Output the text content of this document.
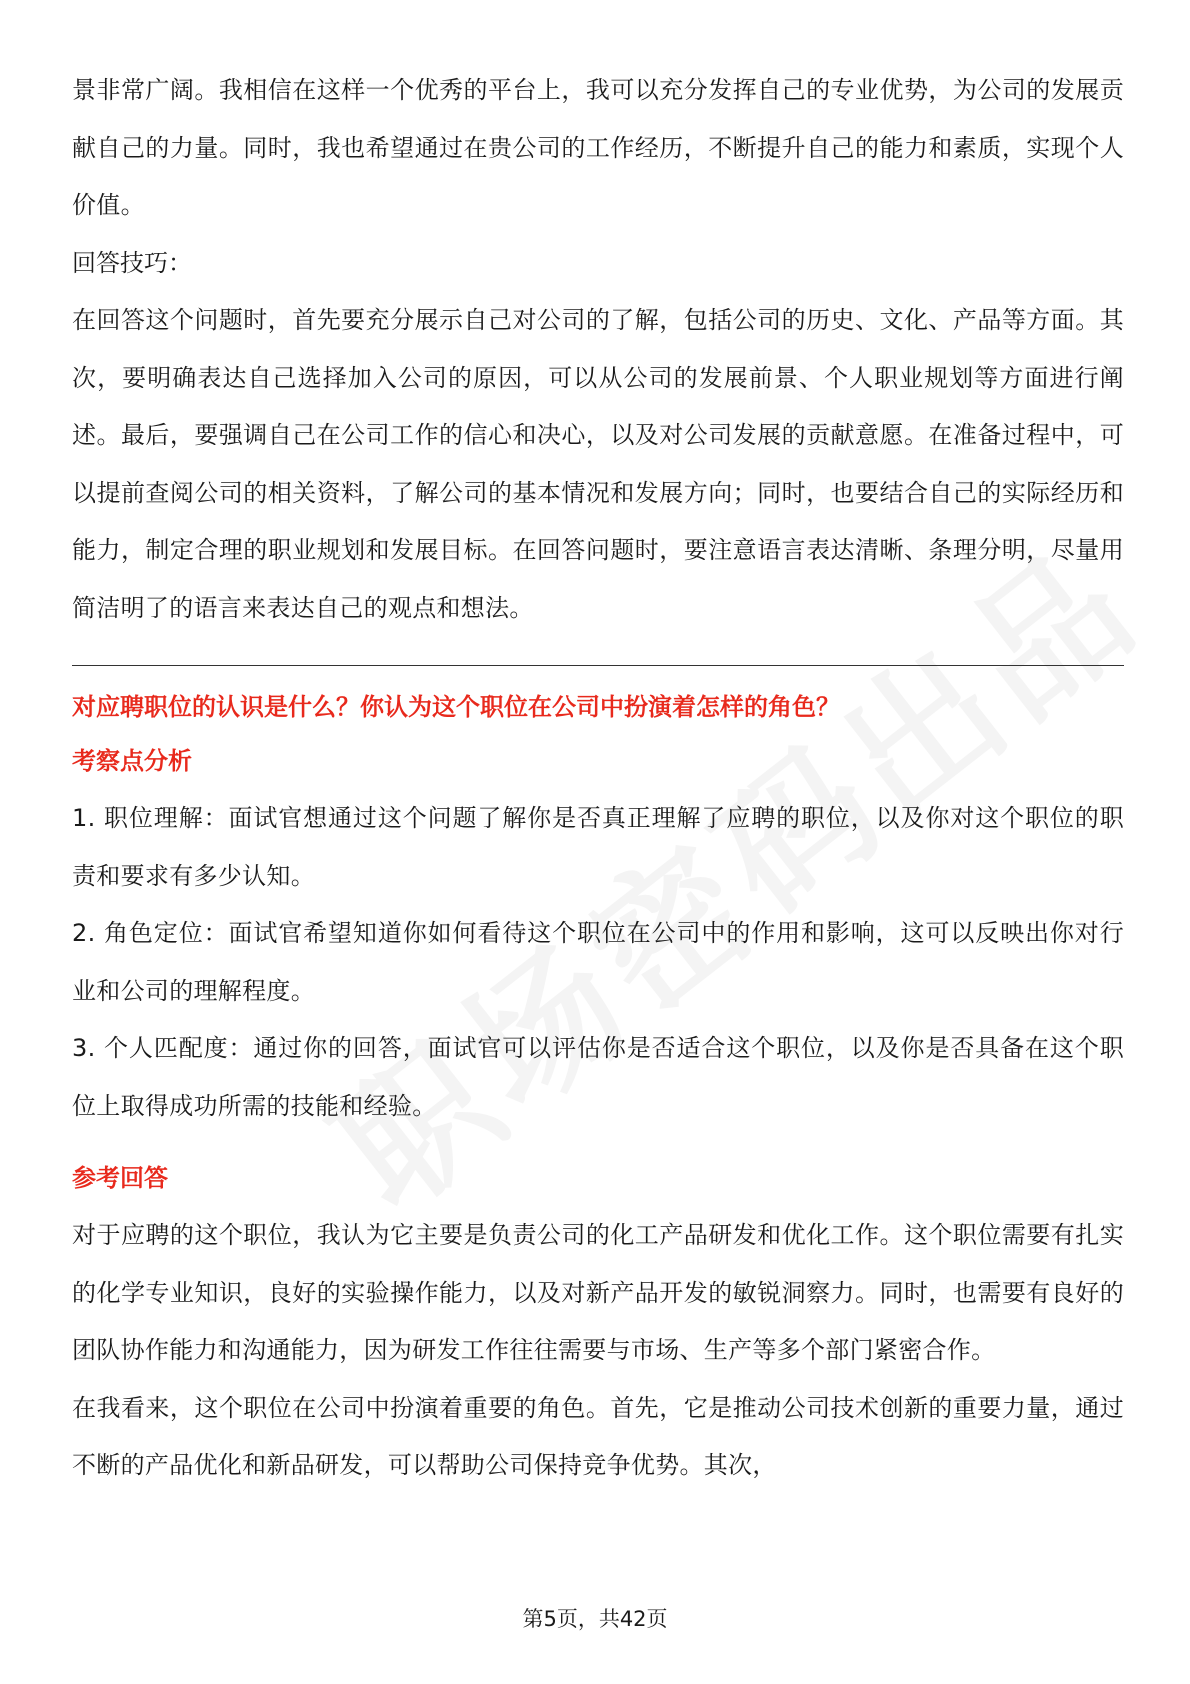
景非常广阔。我相信在这样一个优秀的平台上，我可以充分发挥自己的专业优势，为公司的发展贡献自己的力量。同时，我也希望通过在贵公司的工作经历，不断提升自己的能力和素质，实现个人价值。

回答技巧：

在回答这个问题时，首先要充分展示自己对公司的了解，包括公司的历史、文化、产品等方面。其次，要明确表达自己选择加入公司的原因，可以从公司的发展前景、个人职业规划等方面进行阐述。最后，要强调自己在公司工作的信心和决心，以及对公司发展的贡献意愿。在准备过程中，可以提前查阅公司的相关资料，了解公司的基本情况和发展方向；同时，也要结合自己的实际经历和能力，制定合理的职业规划和发展目标。在回答问题时，要注意语言表达清晰、条理分明，尽量用简洁明了的语言来表达自己的观点和想法。

对应聘职位的认识是什么？你认为这个职位在公司中扮演着怎样的角色？

考察点分析

1. 职位理解：面试官想通过这个问题了解你是否真正理解了应聘的职位，以及你对这个职位的职责和要求有多少认知。

2. 角色定位：面试官希望知道你如何看待这个职位在公司中的作用和影响，这可以反映出你对行业和公司的理解程度。

3. 个人匹配度：通过你的回答，面试官可以评估你是否适合这个职位，以及你是否具备在这个职位上取得成功所需的技能和经验。

参考回答

对于应聘的这个职位，我认为它主要是负责公司的化工产品研发和优化工作。这个职位需要有扎实的化学专业知识，良好的实验操作能力，以及对新产品开发的敏锐洞察力。同时，也需要有良好的团队协作能力和沟通能力，因为研发工作往往需要与市场、生产等多个部门紧密合作。

在我看来，这个职位在公司中扮演着重要的角色。首先，它是推动公司技术创新的重要力量，通过不断的产品优化和新品研发，可以帮助公司保持竞争优势。其次，

第5页，共42页
